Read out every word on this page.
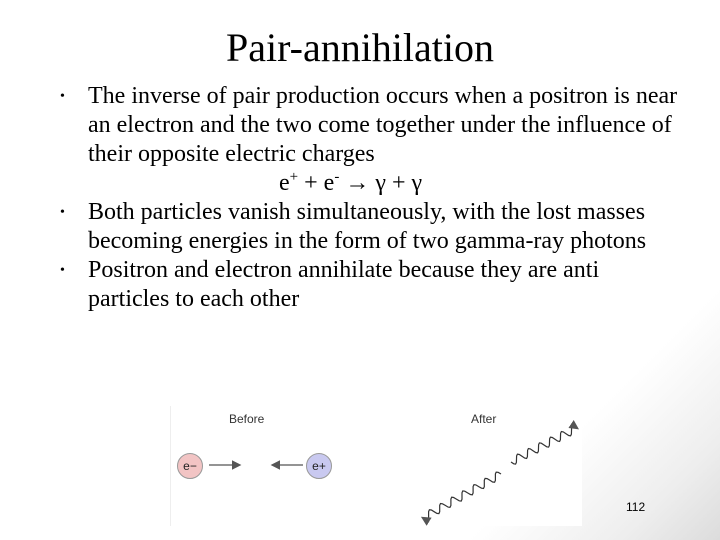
Pair-annihilation
• The inverse of pair production occurs when a positron is near an electron and the two come together under the influence of their opposite electric charges
e+ + e- → γ + γ
• Both particles vanish simultaneously, with the lost masses becoming energies in the form of two gamma-ray photons
• Positron and electron annihilate because they are anti particles to each other
Before	After
e−	e+
112
